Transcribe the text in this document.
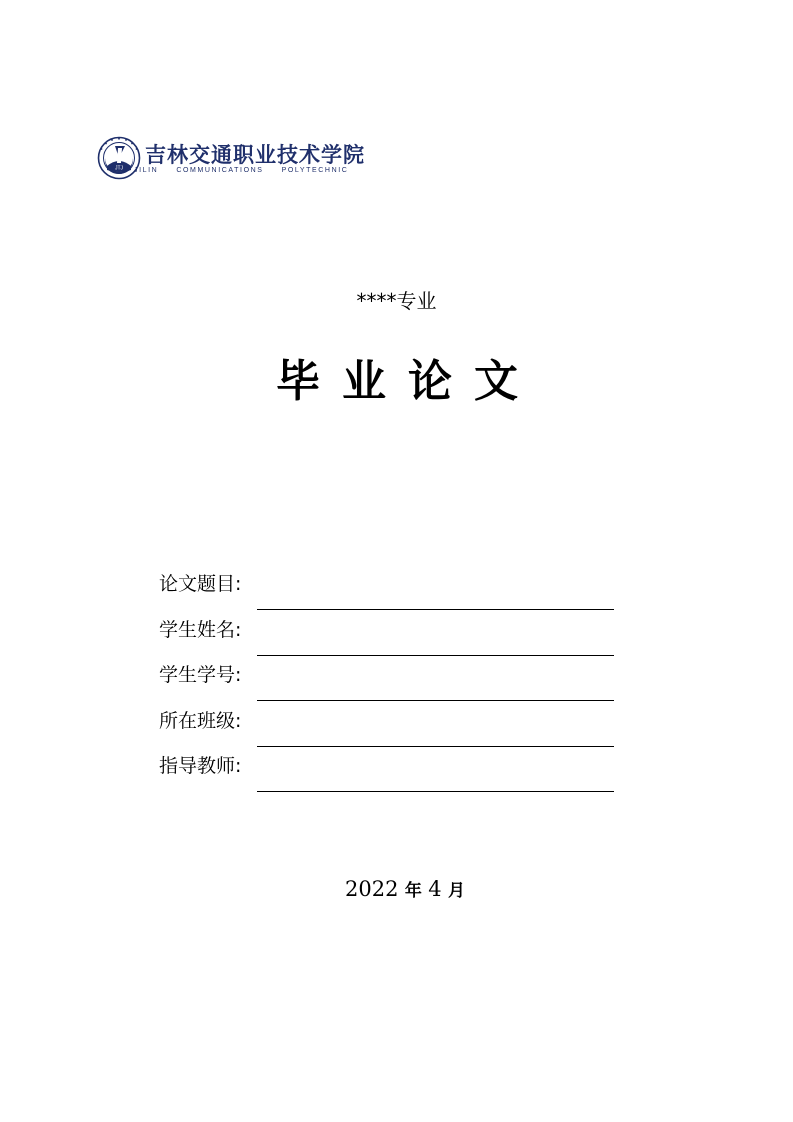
JTJ
吉林交通职业技术学院
JILIN	COMMUNICATIONS	POLYTECHNIC
****专业
毕业论文
论文题目:
学生姓名:
学生学号:
所在班级:
指导教师:
2022 年 4 月
